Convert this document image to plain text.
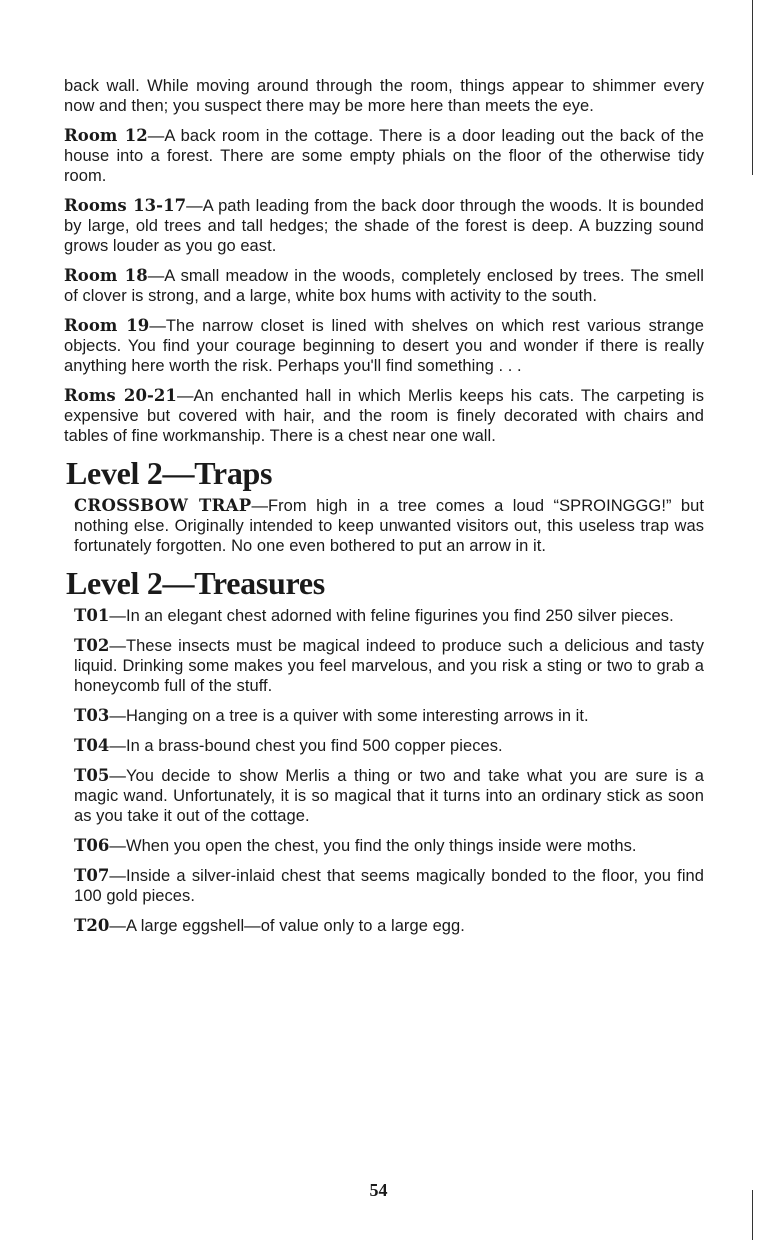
back wall. While moving around through the room, things appear to shimmer every now and then; you suspect there may be more here than meets the eye.

Room 12—A back room in the cottage. There is a door leading out the back of the house into a forest. There are some empty phials on the floor of the otherwise tidy room.

Rooms 13-17—A path leading from the back door through the woods. It is bounded by large, old trees and tall hedges; the shade of the forest is deep. A buzzing sound grows louder as you go east.

Room 18—A small meadow in the woods, completely enclosed by trees. The smell of clover is strong, and a large, white box hums with activity to the south.

Room 19—The narrow closet is lined with shelves on which rest various strange objects. You find your courage beginning to desert you and wonder if there is really anything here worth the risk. Perhaps you'll find something . . .

Roms 20-21—An enchanted hall in which Merlis keeps his cats. The carpeting is expensive but covered with hair, and the room is finely decorated with chairs and tables of fine workmanship. There is a chest near one wall.

Level 2—Traps

CROSSBOW TRAP—From high in a tree comes a loud “SPROINGGG!” but nothing else. Originally intended to keep unwanted visitors out, this useless trap was fortunately forgotten. No one even bothered to put an arrow in it.

Level 2—Treasures

T01—In an elegant chest adorned with feline figurines you find 250 silver pieces.

T02—These insects must be magical indeed to produce such a delicious and tasty liquid. Drinking some makes you feel marvelous, and you risk a sting or two to grab a honeycomb full of the stuff.

T03—Hanging on a tree is a quiver with some interesting arrows in it.

T04—In a brass-bound chest you find 500 copper pieces.

T05—You decide to show Merlis a thing or two and take what you are sure is a magic wand. Unfortunately, it is so magical that it turns into an ordinary stick as soon as you take it out of the cottage.

T06—When you open the chest, you find the only things inside were moths.

T07—Inside a silver-inlaid chest that seems magically bonded to the floor, you find 100 gold pieces.

T20—A large eggshell—of value only to a large egg.

54
